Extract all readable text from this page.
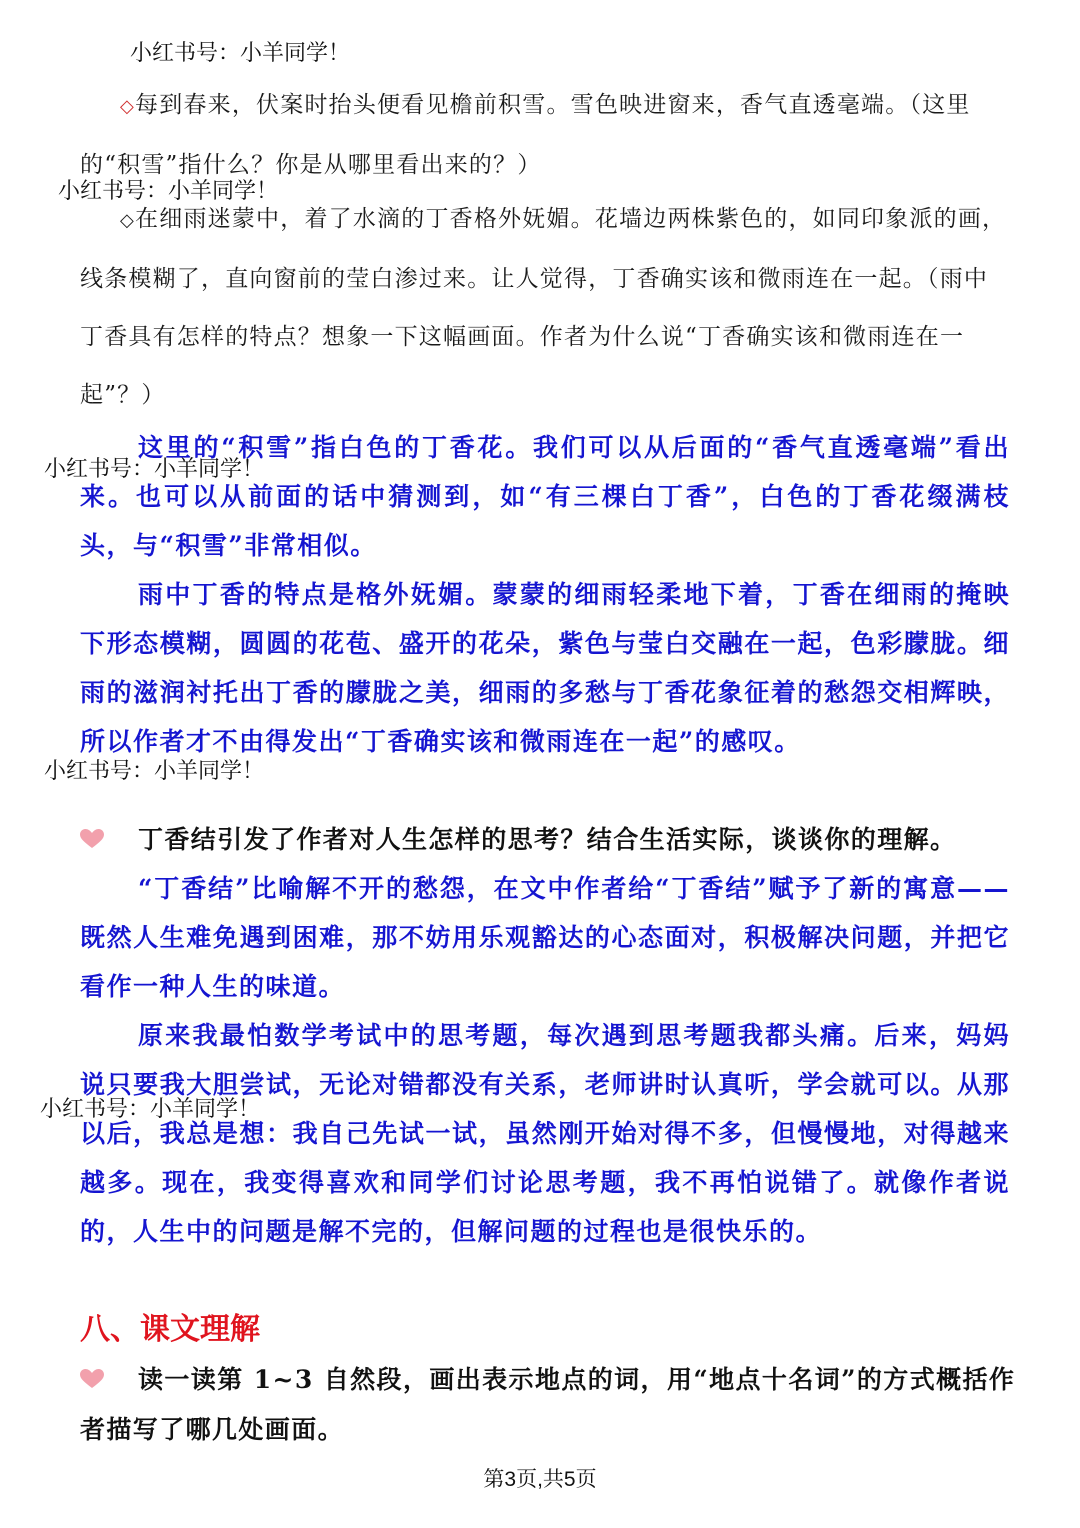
小红书号：小羊同学！
小红书号：小羊同学！
小红书号：小羊同学！
小红书号：小羊同学！
小红书号：小羊同学！

◇每到春来，伏案时抬头便看见檐前积雪。雪色映进窗来，香气直透毫端。（这里的“积雪”指什么？你是从哪里看出来的？）

◇在细雨迷蒙中，着了水滴的丁香格外妩媚。花墙边两株紫色的，如同印象派的画，线条模糊了，直向窗前的莹白渗过来。让人觉得，丁香确实该和微雨连在一起。（雨中丁香具有怎样的特点？想象一下这幅画面。作者为什么说“丁香确实该和微雨连在一起”？）

这里的“积雪”指白色的丁香花。我们可以从后面的“香气直透毫端”看出来。也可以从前面的话中猜测到，如“有三棵白丁香”，白色的丁香花缀满枝头，与“积雪”非常相似。

雨中丁香的特点是格外妩媚。蒙蒙的细雨轻柔地下着，丁香在细雨的掩映下形态模糊，圆圆的花苞、盛开的花朵，紫色与莹白交融在一起，色彩朦胧。细雨的滋润衬托出丁香的朦胧之美，细雨的多愁与丁香花象征着的愁怨交相辉映，所以作者才不由得发出“丁香确实该和微雨连在一起”的感叹。

丁香结引发了作者对人生怎样的思考？结合生活实际，谈谈你的理解。

“丁香结”比喻解不开的愁怨，在文中作者给“丁香结”赋予了新的寓意——既然人生难免遇到困难，那不妨用乐观豁达的心态面对，积极解决问题，并把它看作一种人生的味道。

原来我最怕数学考试中的思考题，每次遇到思考题我都头痛。后来，妈妈说只要我大胆尝试，无论对错都没有关系，老师讲时认真听，学会就可以。从那以后，我总是想：我自己先试一试，虽然刚开始对得不多，但慢慢地，对得越来越多。现在，我变得喜欢和同学们讨论思考题，我不再怕说错了。就像作者说的，人生中的问题是解不完的，但解问题的过程也是很快乐的。

八、课文理解

读一读第 1~3 自然段，画出表示地点的词，用“地点十名词”的方式概括作者描写了哪几处画面。

第3页,共5页
